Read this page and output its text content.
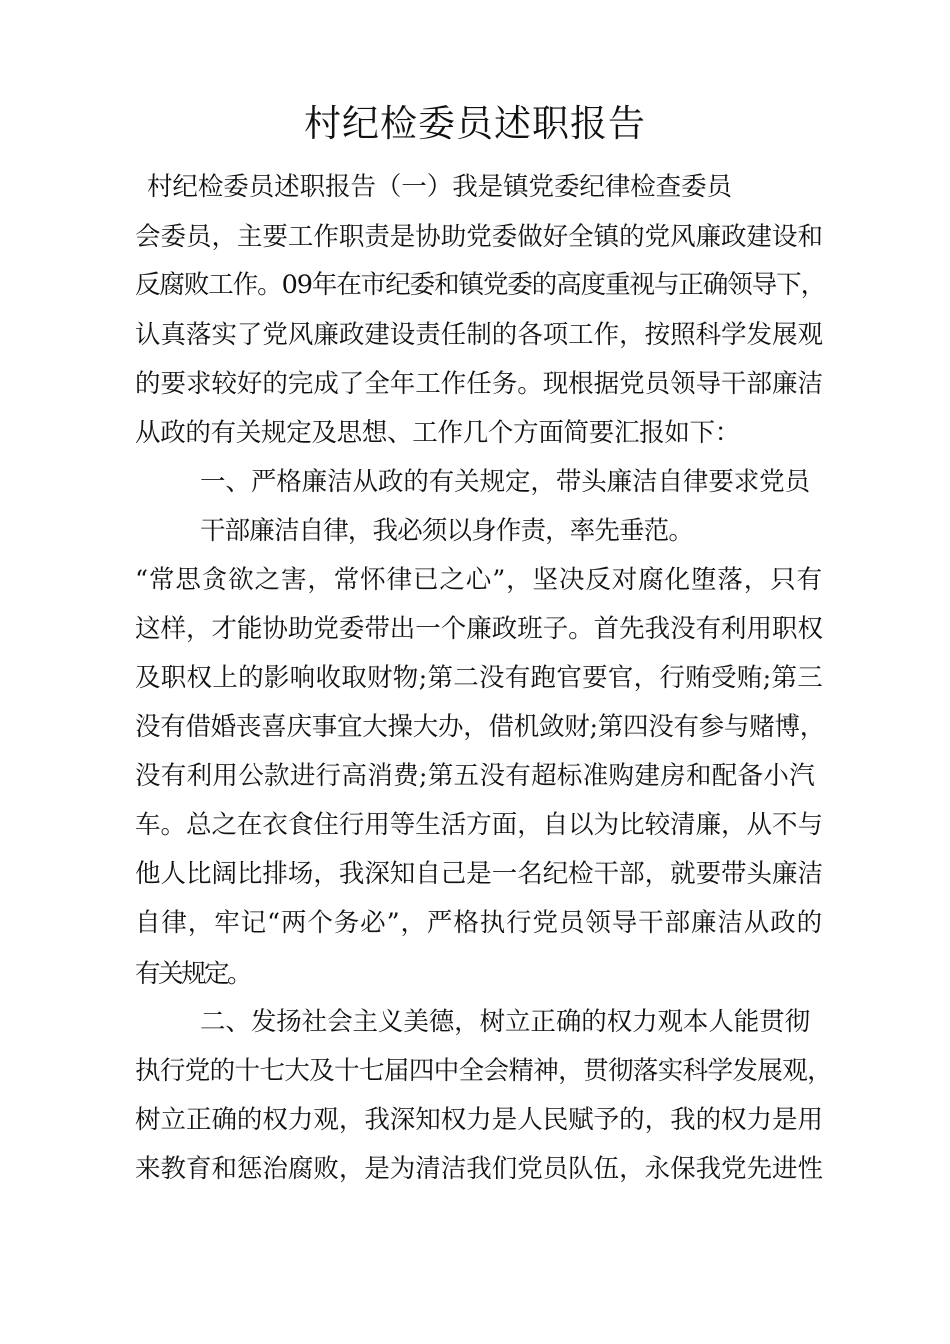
村纪检委员述职报告
村纪检委员述职报告（一）我是镇党委纪律检查委员
会委员，主要工作职责是协助党委做好全镇的党风廉政建设和
反腐败工作。09年在市纪委和镇党委的高度重视与正确领导下，
认真落实了党风廉政建设责任制的各项工作，按照科学发展观
的要求较好的完成了全年工作任务。现根据党员领导干部廉洁
从政的有关规定及思想、工作几个方面简要汇报如下：
一、严格廉洁从政的有关规定，带头廉洁自律要求党员
干部廉洁自律，我必须以身作责，率先垂范。
“常思贪欲之害，常怀律已之心”，坚决反对腐化堕落，只有
这样，才能协助党委带出一个廉政班子。首先我没有利用职权
及职权上的影响收取财物;第二没有跑官要官，行贿受贿;第三
没有借婚丧喜庆事宜大操大办，借机敛财;第四没有参与赌博，
没有利用公款进行高消费;第五没有超标准购建房和配备小汽
车。总之在衣食住行用等生活方面，自以为比较清廉，从不与
他人比阔比排场，我深知自己是一名纪检干部，就要带头廉洁
自律，牢记“两个务必”，严格执行党员领导干部廉洁从政的
有关规定。
二、发扬社会主义美德，树立正确的权力观本人能贯彻
执行党的十七大及十七届四中全会精神，贯彻落实科学发展观，
树立正确的权力观，我深知权力是人民赋予的，我的权力是用
来教育和惩治腐败，是为清洁我们党员队伍，永保我党先进性
